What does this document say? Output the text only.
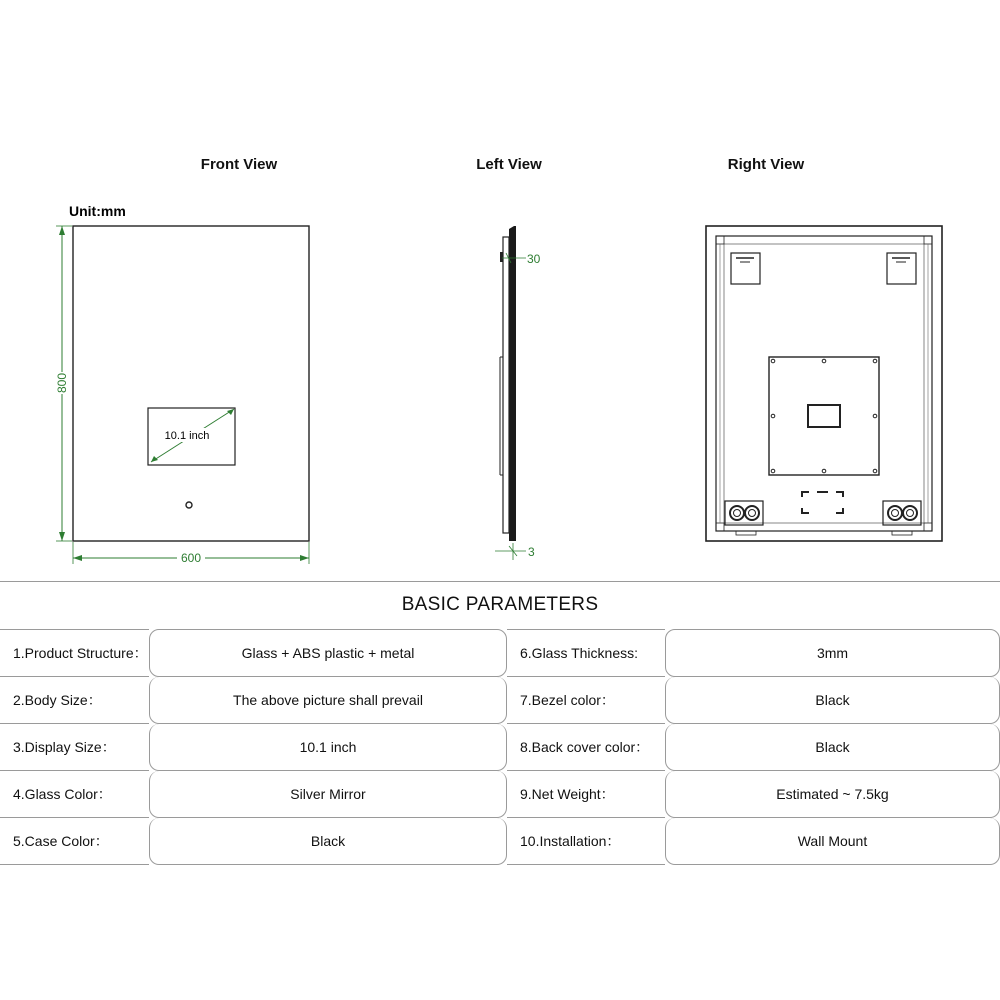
Front View	Left View	Right View
Unit:mm
10.1 inch
800
600
30
3
BASIC PARAMETERS
1.Product Structure：	Glass + ABS plastic + metal	6.Glass Thickness:	3mm
2.Body Size：	The above picture shall prevail	7.Bezel color：	Black
3.Display Size：	10.1 inch	8.Back cover color：	Black
4.Glass Color：	Silver Mirror	9.Net Weight：	Estimated ~ 7.5kg
5.Case Color：	Black	10.Installation：	Wall Mount
